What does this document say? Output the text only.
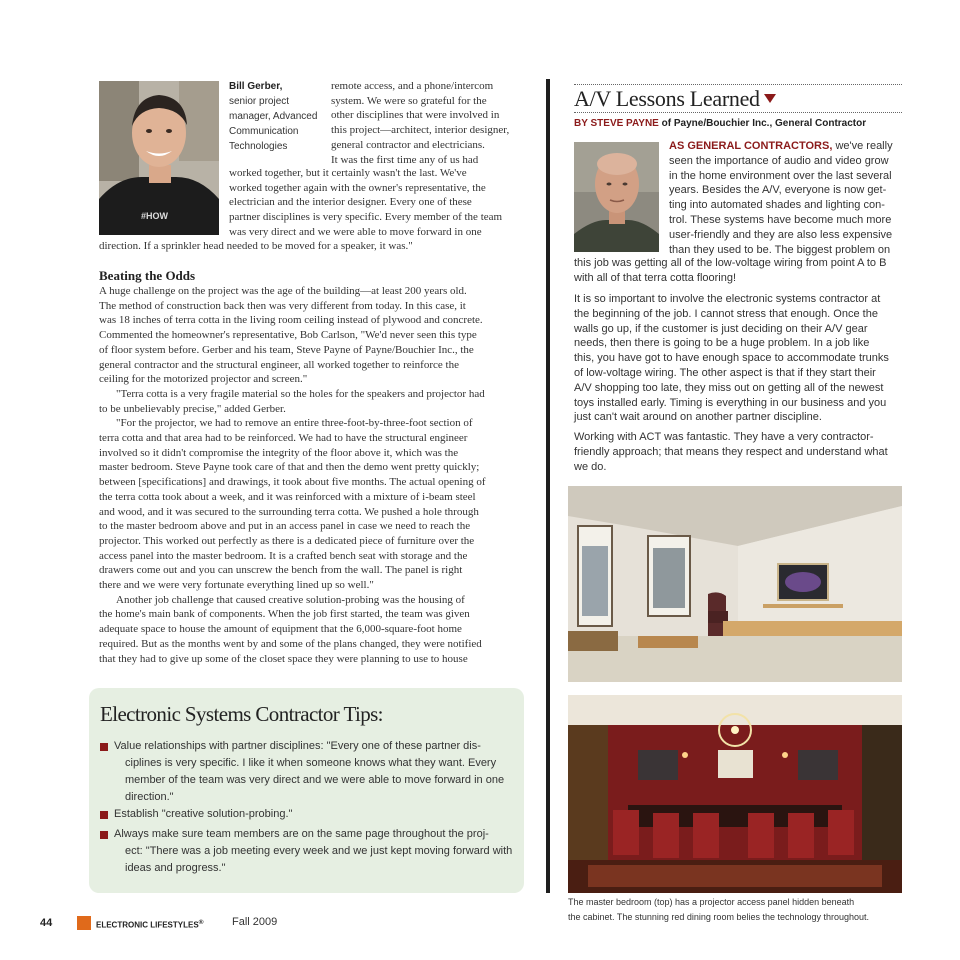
#HOW
Bill Gerber,
senior project
manager, Advanced
Communication
Technologies
remote access, and a phone/intercom
system. We were so grateful for the
other disciplines that were involved in
this project—architect, interior designer,
general contractor and electricians.
It was the first time any of us had
worked together, but it certainly wasn't the last. We've
worked together again with the owner's representative, the
electrician and the interior designer. Every one of these
partner disciplines is very specific. Every member of the team
was very direct and we were able to move forward in one
direction. If a sprinkler head needed to be moved for a speaker, it was."
Beating the Odds
A huge challenge on the project was the age of the building—at least 200 years old.
The method of construction back then was very different from today. In this case, it
was 18 inches of terra cotta in the living room ceiling instead of plywood and concrete.
Commented the homeowner's representative, Bob Carlson, "We'd never seen this type
of floor system before. Gerber and his team, Steve Payne of Payne/Bouchier Inc., the
general contractor and the structural engineer, all worked together to reinforce the
ceiling for the motorized projector and screen."
"Terra cotta is a very fragile material so the holes for the speakers and projector had
to be unbelievably precise," added Gerber.
"For the projector, we had to remove an entire three-foot-by-three-foot section of
terra cotta and that area had to be reinforced. We had to have the structural engineer
involved so it didn't compromise the integrity of the floor above it, which was the
master bedroom. Steve Payne took care of that and then the demo went pretty quickly;
between [specifications] and drawings, it took about five months. The actual opening of
the terra cotta took about a week, and it was reinforced with a mixture of i-beam steel
and wood, and it was secured to the surrounding terra cotta. We pushed a hole through
to the master bedroom above and put in an access panel in case we need to reach the
projector. This worked out perfectly as there is a dedicated piece of furniture over the
access panel into the master bedroom. It is a crafted bench seat with storage and the
drawers come out and you can unscrew the bench from the wall. The panel is right
there and we were very fortunate everything lined up so well."
Another job challenge that caused creative solution-probing was the housing of
the home's main bank of components. When the job first started, the team was given
adequate space to house the amount of equipment that the 6,000-square-foot home
required. But as the months went by and some of the plans changed, they were notified
that they had to give up some of the closet space they were planning to use to house
Electronic Systems Contractor Tips:
Value relationships with partner disciplines: "Every one of these partner dis-
ciplines is very specific. I like it when someone knows what they want. Every
member of the team was very direct and we were able to move forward in one
direction."
Establish "creative solution-probing."
Always make sure team members are on the same page throughout the proj-
ect: "There was a job meeting every week and we just kept moving forward with
ideas and progress."
44	ELECTRONIC LIFESTYLES®	Fall 2009
A/V Lessons Learned
BY STEVE PAYNE of Payne/Bouchier Inc., General Contractor
AS GENERAL CONTRACTORS, we've really
seen the importance of audio and video grow
in the home environment over the last several
years. Besides the A/V, everyone is now get-
ting into automated shades and lighting con-
trol. These systems have become much more
user-friendly and they are also less expensive
than they used to be. The biggest problem on
this job was getting all of the low-voltage wiring from point A to B
with all of that terra cotta flooring!
It is so important to involve the electronic systems contractor at
the beginning of the job. I cannot stress that enough. Once the
walls go up, if the customer is just deciding on their A/V gear
needs, then there is going to be a huge problem. In a job like
this, you have got to have enough space to accommodate trunks
of low-voltage wiring. The other aspect is that if they start their
A/V shopping too late, they miss out on getting all of the newest
toys installed early. Timing is everything in our business and you
just can't wait around on another partner discipline.
Working with ACT was fantastic. They have a very contractor-
friendly approach; that means they respect and understand what
we do.
The master bedroom (top) has a projector access panel hidden beneath
the cabinet. The stunning red dining room belies the technology throughout.
